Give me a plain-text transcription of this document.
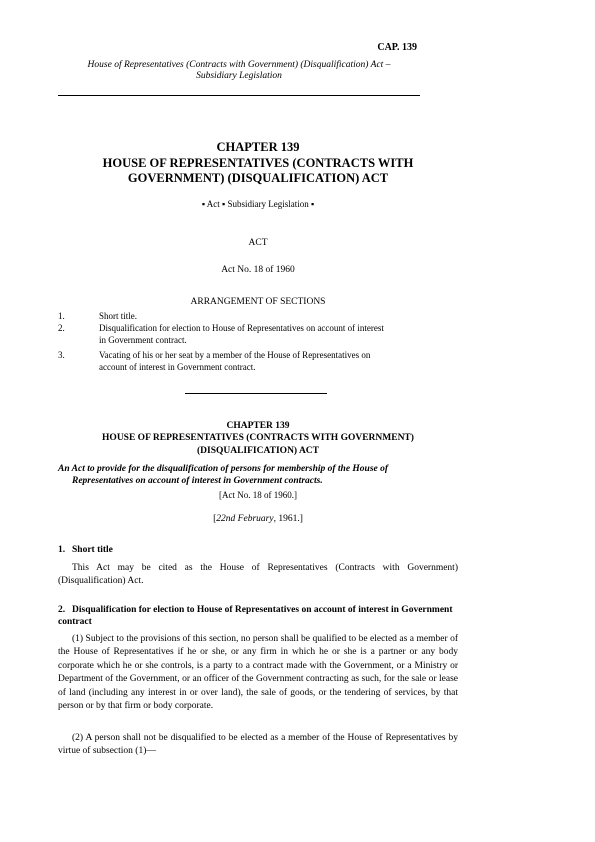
CAP. 139
House of Representatives (Contracts with Government) (Disqualification) Act –
Subsidiary Legislation
CHAPTER 139
HOUSE OF REPRESENTATIVES (CONTRACTS WITH
GOVERNMENT) (DISQUALIFICATION) ACT
▪ Act ▪ Subsidiary Legislation ▪
ACT
Act No. 18 of 1960
ARRANGEMENT OF SECTIONS
1.	Short title.
2.	Disqualification for election to House of Representatives on account of interest
in Government contract.
3.	Vacating of his or her seat by a member of the House of Representatives on
account of interest in Government contract.
CHAPTER 139
HOUSE OF REPRESENTATIVES (CONTRACTS WITH GOVERNMENT)
(DISQUALIFICATION) ACT
An Act to provide for the disqualification of persons for membership of the House of
Representatives on account of interest in Government contracts.
[Act No. 18 of 1960.]
[22nd February, 1961.]
1. Short title
This Act may be cited as the House of Representatives (Contracts with Government) (Disqualification) Act.
2. Disqualification for election to House of Representatives on account of interest in Government contract
(1) Subject to the provisions of this section, no person shall be qualified to be elected as a member of the House of Representatives if he or she, or any firm in which he or she is a partner or any body corporate which he or she controls, is a party to a contract made with the Government, or a Ministry or Department of the Government, or an officer of the Government contracting as such, for the sale or lease of land (including any interest in or over land), the sale of goods, or the tendering of services, by that person or by that firm or body corporate.
(2) A person shall not be disqualified to be elected as a member of the House of Representatives by virtue of subsection (1)—
